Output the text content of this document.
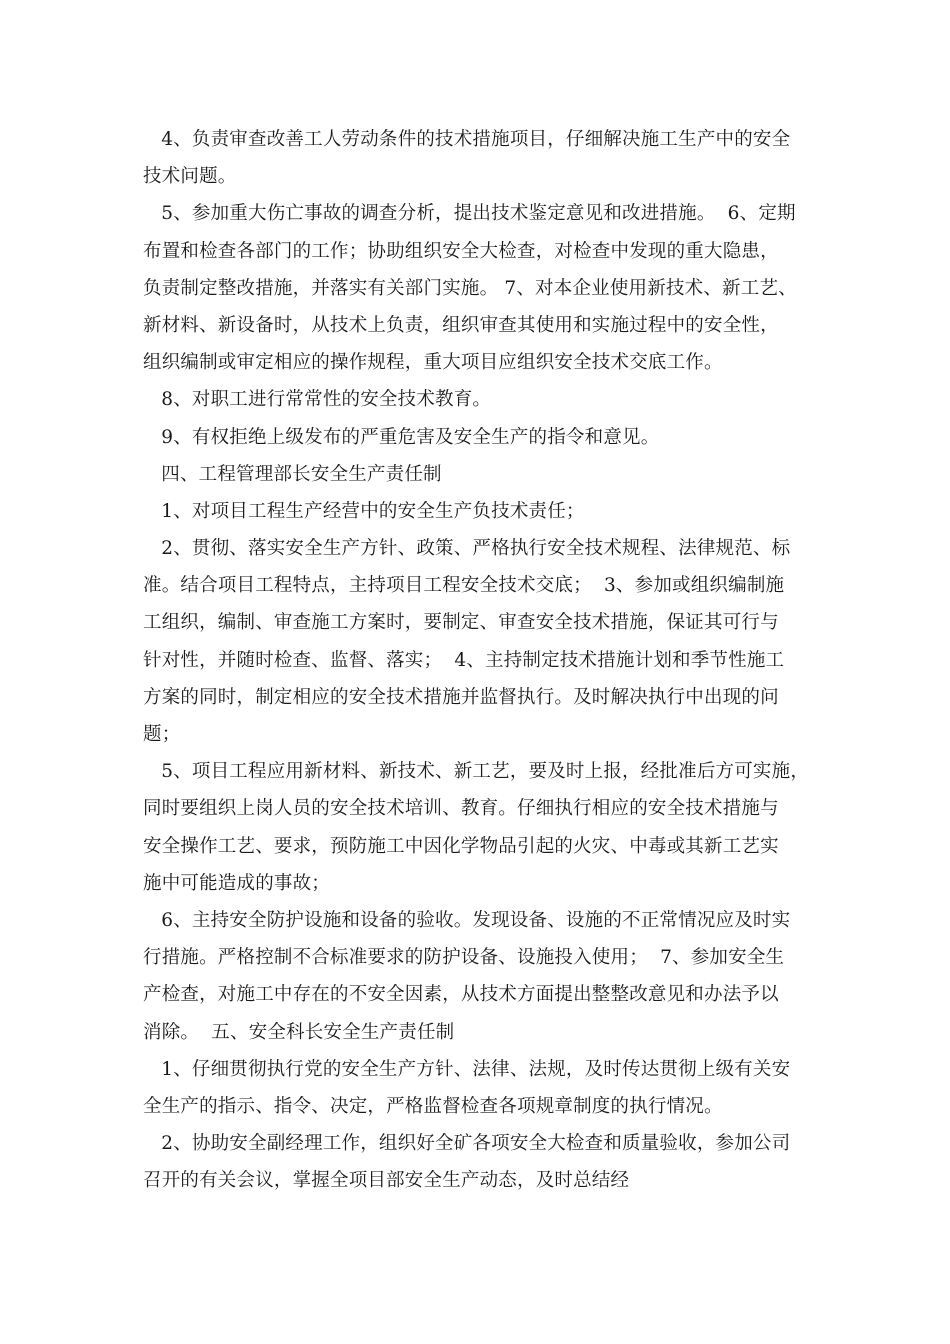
4、负责审查改善工人劳动条件的技术措施项目，仔细解决施工生产中的安全
技术问题。
5、参加重大伤亡事故的调查分析，提出技术鉴定意见和改进措施。  6、定期
布置和检查各部门的工作；协助组织安全大检查，对检查中发现的重大隐患，
负责制定整改措施，并落实有关部门实施。 7、对本企业使用新技术、新工艺、
新材料、新设备时，从技术上负责，组织审查其使用和实施过程中的安全性，
组织编制或审定相应的操作规程，重大项目应组织安全技术交底工作。
8、对职工进行常常性的安全技术教育。
9、有权拒绝上级发布的严重危害及安全生产的指令和意见。
四、工程管理部长安全生产责任制
1、对项目工程生产经营中的安全生产负技术责任；
2、贯彻、落实安全生产方针、政策、严格执行安全技术规程、法律规范、标
准。结合项目工程特点，主持项目工程安全技术交底；  3、参加或组织编制施
工组织，编制、审查施工方案时，要制定、审查安全技术措施，保证其可行与
针对性，并随时检查、监督、落实；  4、主持制定技术措施计划和季节性施工
方案的同时，制定相应的安全技术措施并监督执行。及时解决执行中出现的问
题；
5、项目工程应用新材料、新技术、新工艺，要及时上报，经批准后方可实施，
同时要组织上岗人员的安全技术培训、教育。仔细执行相应的安全技术措施与
安全操作工艺、要求，预防施工中因化学物品引起的火灾、中毒或其新工艺实
施中可能造成的事故；
6、主持安全防护设施和设备的验收。发现设备、设施的不正常情况应及时实
行措施。严格控制不合标准要求的防护设备、设施投入使用；  7、参加安全生
产检查，对施工中存在的不安全因素，从技术方面提出整整改意见和办法予以
消除。  五、安全科长安全生产责任制
1、仔细贯彻执行党的安全生产方针、法律、法规，及时传达贯彻上级有关安
全生产的指示、指令、决定，严格监督检查各项规章制度的执行情况。
2、协助安全副经理工作，组织好全矿各项安全大检查和质量验收，参加公司
召开的有关会议，掌握全项目部安全生产动态，及时总结经
